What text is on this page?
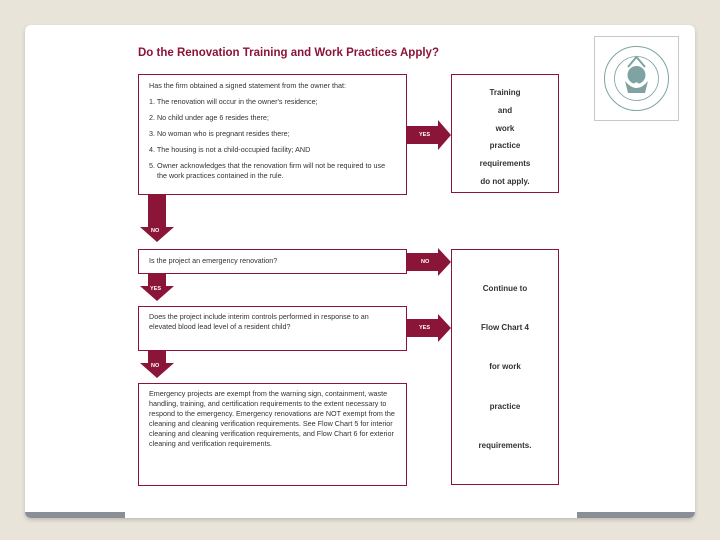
Do the Renovation Training and Work Practices Apply?

Has the firm obtained a signed statement from the owner that:

1. The renovation will occur in the owner's residence;

2. No child under age 6 resides there;

3. No woman who is pregnant resides there;

4. The housing is not a child-occupied facility; AND

5. Owner acknowledges that the renovation firm will not be required to use the work practices contained in the rule.

Is the project an emergency renovation?
Does the project include interim controls performed in response to an elevated blood lead level of a resident child?
Emergency projects are exempt from the warning sign, containment, waste handling, training, and certification requirements to the extent necessary to respond to the emergency. Emergency renovations are NOT exempt from the cleaning and cleaning verification requirements. See Flow Chart 5 for interior cleaning and cleaning verification requirements, and Flow Chart 6 for exterior cleaning and verification requirements.
Training
and
work
practice
requirements
do not apply.
Continue to
Flow Chart 4
for work
practice
requirements.
YES
NO
YES
NO
YES
NO
